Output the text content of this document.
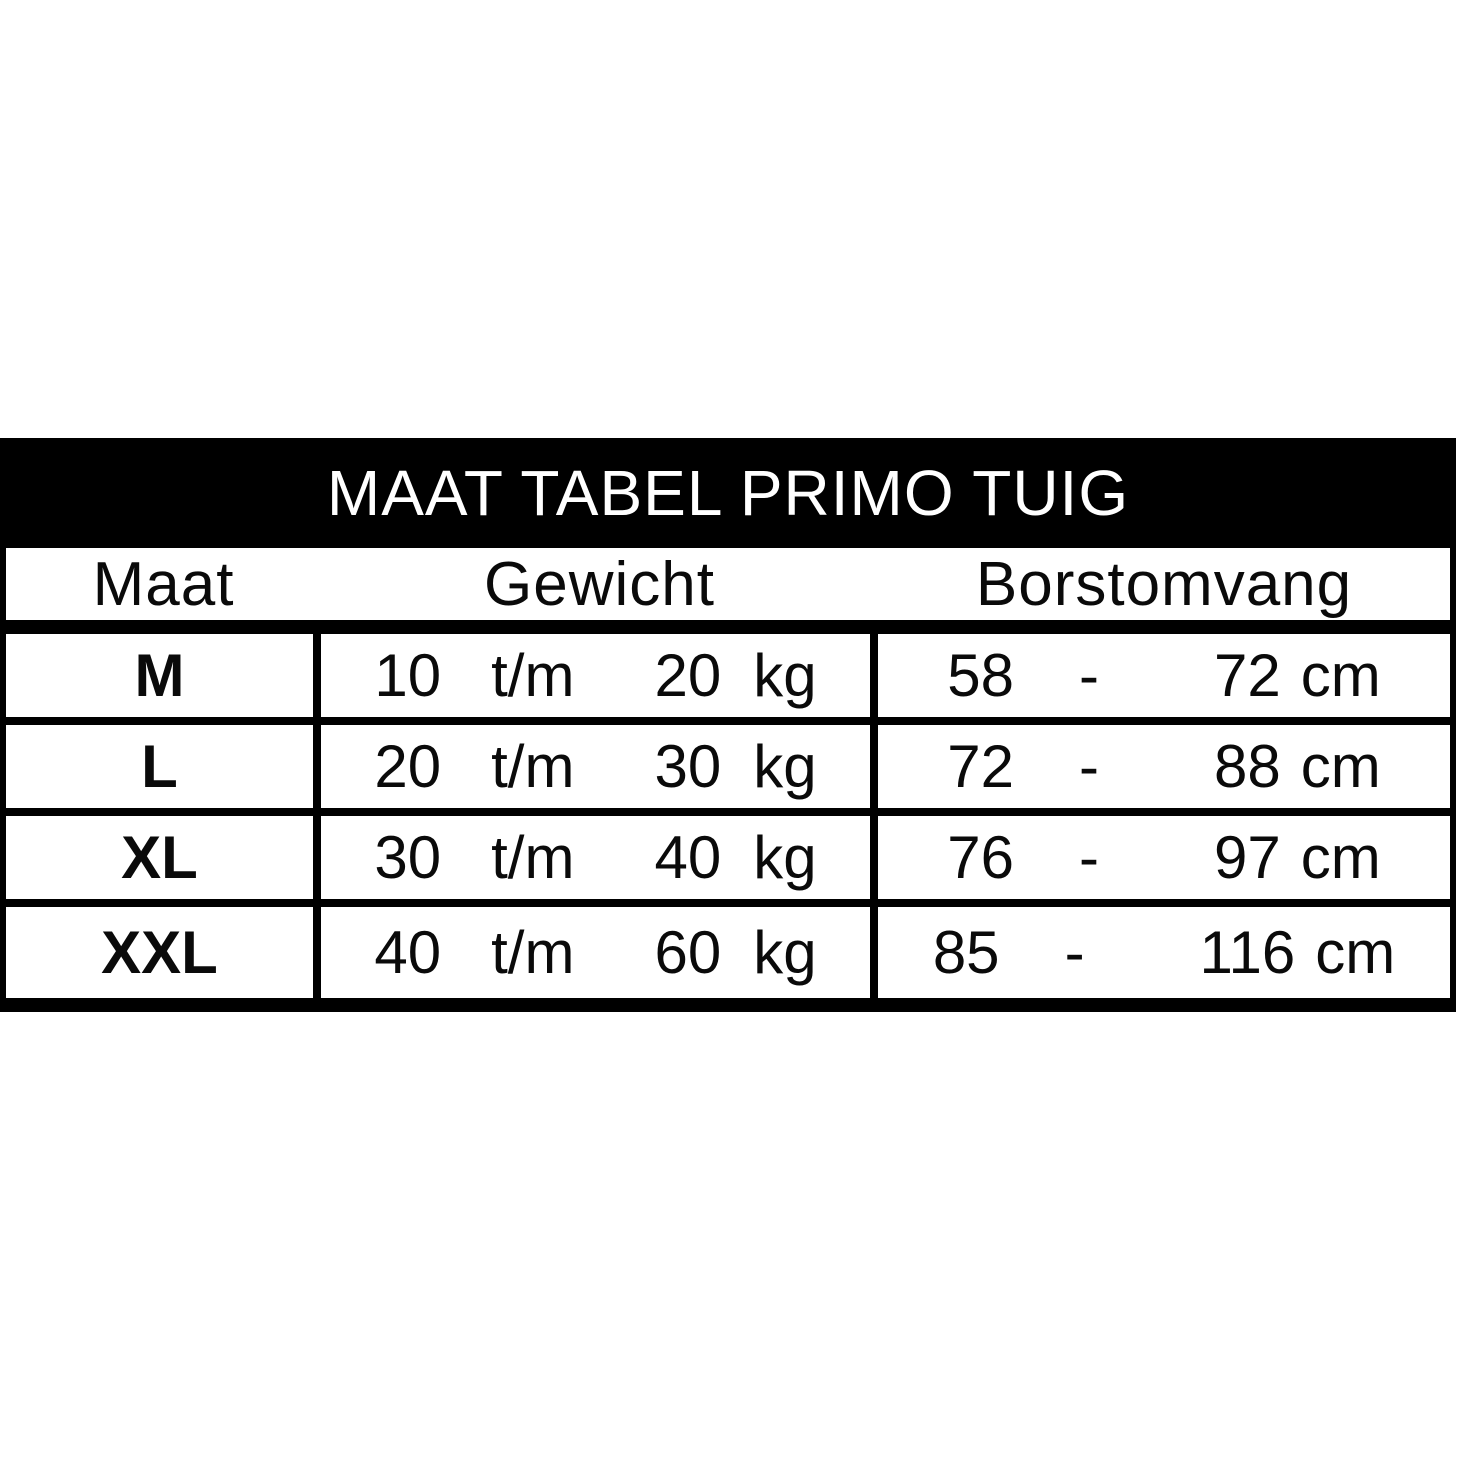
MAAT TABEL PRIMO TUIG
Maat	Gewicht	Borstomvang
M	10 t/m 20 kg 58 - 72 cm
L	20 t/m 30 kg 72 - 88 cm
XL	30 t/m 40 kg 76 - 97 cm
XXL	40 t/m 60 kg 85 - 116 cm
